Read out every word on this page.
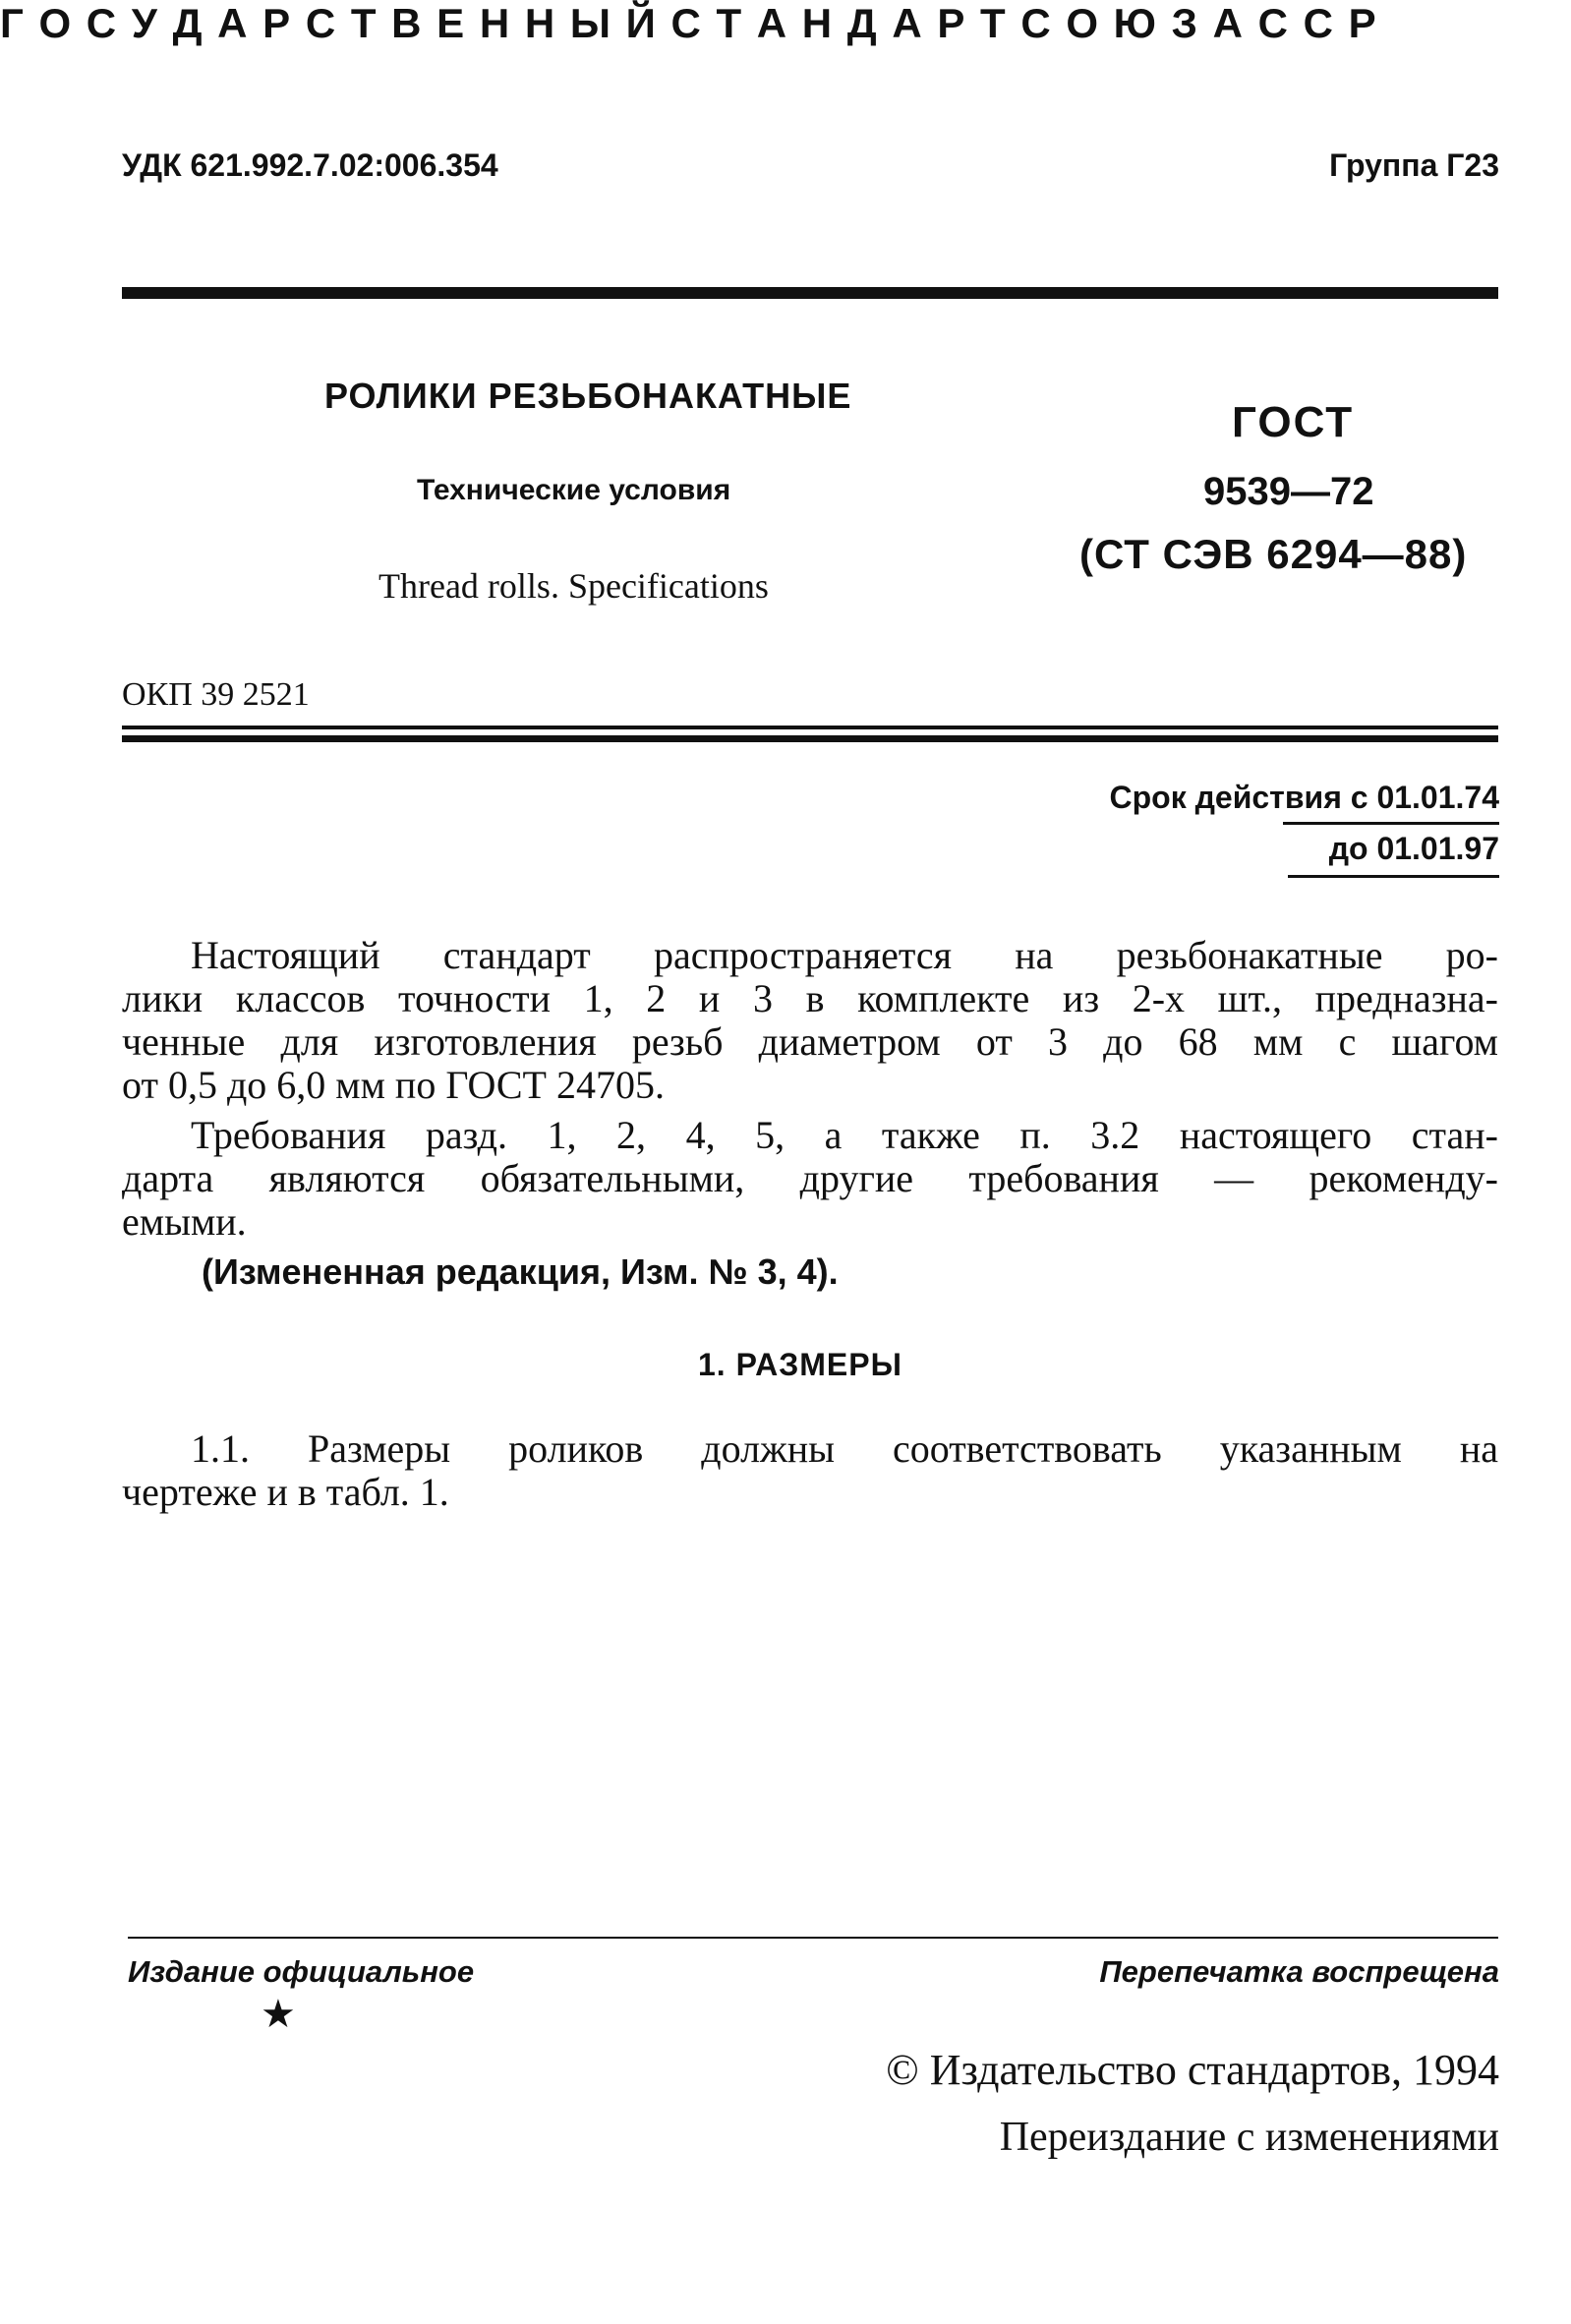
УДК 621.992.7.02:006.354	Группа Г23
Г О С У Д А Р С Т В Е Н Н Ы Й С Т А Н Д А Р Т С О Ю З А С С Р
РОЛИКИ РЕЗЬБОНАКАТНЫЕ
Технические условия
Thread rolls. Specifications
ГОСТ
9539—72
(СТ СЭВ 6294—88)
ОКП 39 2521
Срок действия с 01.01.74
до 01.01.97
Настоящий стандарт распространяется на резьбонакатные ро-
лики классов точности 1, 2 и 3 в комплекте из 2-х шт., предназна-
ченные для изготовления резьб диаметром от 3 до 68 мм с шагом
от 0,5 до 6,0 мм по ГОСТ 24705.
Требования разд. 1, 2, 4, 5, а также п. 3.2 настоящего стан-
дарта являются обязательными, другие требования — рекоменду-
емыми.
(Измененная редакция, Изм. № 3, 4).
1. РАЗМЕРЫ
1.1. Размеры роликов должны соответствовать указанным на
чертеже и в табл. 1.
Издание официальное	Перепечатка воспрещена
★
© Издательство стандартов, 1994
Переиздание с изменениями
